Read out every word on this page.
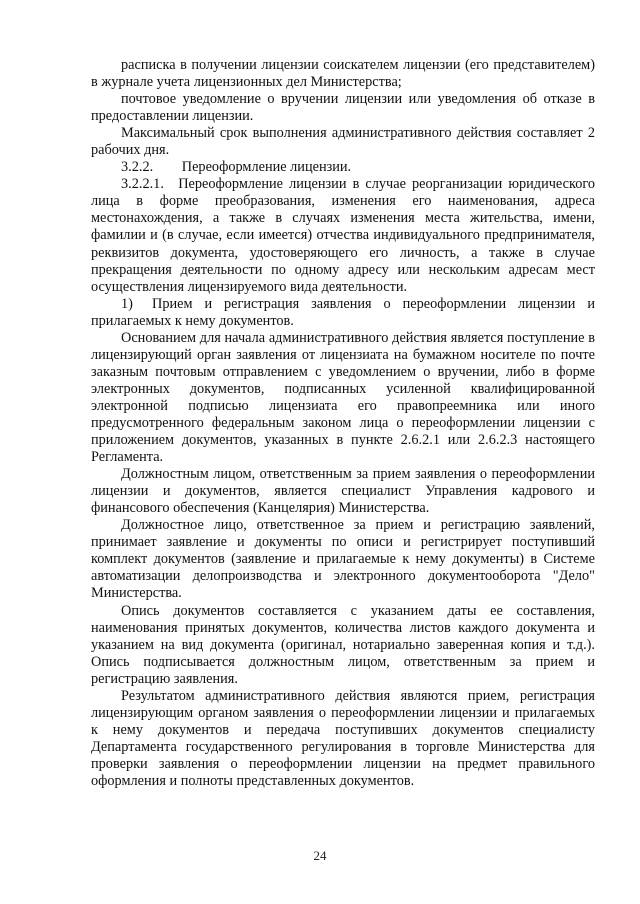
расписка в получении лицензии соискателем лицензии (его представителем) в журнале учета лицензионных дел Министерства;

почтовое уведомление о вручении лицензии или уведомления об отказе в предоставлении лицензии.

Максимальный срок выполнения административного действия составляет 2 рабочих дня.

3.2.2.  Переоформление лицензии.

3.2.2.1. Переоформление лицензии в случае реорганизации юридического лица в форме преобразования, изменения его наименования, адреса местонахождения, а также в случаях изменения места жительства, имени, фамилии и (в случае, если имеется) отчества индивидуального предпринимателя, реквизитов документа, удостоверяющего его личность, а также в случае прекращения деятельности по одному адресу или нескольким адресам мест осуществления лицензируемого вида деятельности.

1)  Прием и регистрация заявления о переоформлении лицензии и прилагаемых к нему документов.

Основанием для начала административного действия является поступление в лицензирующий орган заявления от лицензиата на бумажном носителе по почте заказным почтовым отправлением с уведомлением о вручении, либо в форме электронных документов, подписанных усиленной квалифицированной электронной подписью лицензиата его правопреемника или иного предусмотренного федеральным законом лица о переоформлении лицензии с приложением документов, указанных в пункте 2.6.2.1 или 2.6.2.3 настоящего Регламента.

Должностным лицом, ответственным за прием заявления о переоформлении лицензии и документов, является специалист Управления кадрового и финансового обеспечения (Канцелярия) Министерства.

Должностное лицо, ответственное за прием и регистрацию заявлений, принимает заявление и документы по описи и регистрирует поступивший комплект документов (заявление и прилагаемые к нему документы) в Системе автоматизации делопроизводства и электронного документооборота "Дело" Министерства.

Опись документов составляется с указанием даты ее составления, наименования принятых документов, количества листов каждого документа и указанием на вид документа (оригинал, нотариально заверенная копия и т.д.). Опись подписывается должностным лицом, ответственным за прием и регистрацию заявления.

Результатом административного действия являются прием, регистрация лицензирующим органом заявления о переоформлении лицензии и прилагаемых к нему документов и передача поступивших документов специалисту Департамента государственного регулирования в торговле Министерства для проверки заявления о переоформлении лицензии на предмет правильного оформления и полноты представленных документов.

24
